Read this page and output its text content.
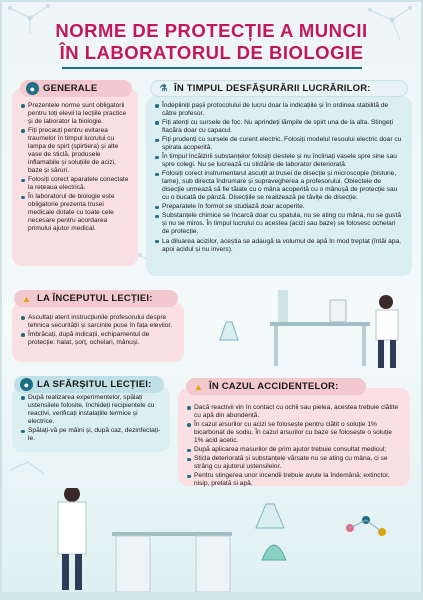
NORME DE PROTECȚIE A MUNCII
ÎN LABORATORUL DE BIOLOGIE
Prezentele norme sunt obligatorii pentru toți elevii la lecțiile practice și de laborator la biologie.
Fiți precauți pentru evitarea traumelor în timpul lucrului cu lampa de spirt (spirtiera) și alte vase de sticlă, produsele inflamabile și soluțiile de acizi, baze și săruri.
Folosiți corect aparatele conectate la rețeaua electrică.
În laboratorul de biologie este obligatorie prezenta trusei medicale dotate cu toate cele necesare pentru acordarea primului ajutor medical.
● GENERALE
Îndepliniți pașii protocolului de lucru doar la indicațiile și în ordinea stabilită de către profesor.
Fiți atenți cu sursele de foc. Nu aprindeți lămpile de spirt una de la alta. Stingeți flacăra doar cu capacul.
Fiți prudenți cu sursele de curent electric. Folosiți modelul resoului electric doar cu spirala acoperită.
În timpul încălzirii substanțelor folosiți clestele și nu înclinați vasele spre sine sau spre colegi. Nu se lucrează cu sticlărie de laborator deteriorată.
Folosiți corect instrumentarul ascuțit al trusei de disecție și microscopie (bisturie, lame), sub directa îndrumare și supravegherea a profesorului. Obiectele de disecție urmează să fie tăiate cu o mâna acoperită cu o mânușă de protecție sau cu o bucată de pânză. Disecțiile se realizează pe tăvițe de disecție.
Preparatele în formol se studiază doar acoperite.
Substanțele chimice se încarcă doar cu spatula, nu se ating cu mâna, nu se gustă și nu se miros. În timpul lucrului cu acestea (acizi sau baze) se folosesc ochelari de protecție.
La diluarea acizilor, aceștia se adaugă la volumul de apă în mod treptat (întâi apa, apoi acidul și nu invers).
⚗ ÎN TIMPUL DESFĂȘURĂRII LUCRĂRILOR:
Ascultați atent instrucțiunile profesorului despre tehnica securității și sarcinile puse în fața elevilor.
Îmbrăcați, după indicații, echipamentul de protecție: halat, șorț, ochelari, mânuși.
▲ LA ÎNCEPUTUL LECȚIEI:
După realizarea experimentelor, spălați ustensilele folosite, închideți recipientele cu reactivi, verificați instalațiile termice și electrice.
Spălați-vă pe mâini și, după caz, dezinfectați-le.
● LA SFÂRȘITUL LECȚIEI:
Dacă reactivii vin în contact cu ochii sau pielea, acestea trebuie clătite cu apă din abundență.
În cazul arsurilor cu acizi se folosește pentru clătit o soluție 1% bicarbonat de sodiu. În cazul arsurilor cu baze se folosește o soluție 1% acid acetic.
După aplicarea masurilor de prim ajutor trebuie consultat medicul;
Sticla deteriorată și substanțele vărsate nu se ating cu mâna, ci se strâng cu ajutorul ustensilelor.
Pentru stingerea unor incendii trebuie avute la îndemână: extinctor, nisip, prelată si apă.
▲ ÎN CAZUL ACCIDENTELOR:
